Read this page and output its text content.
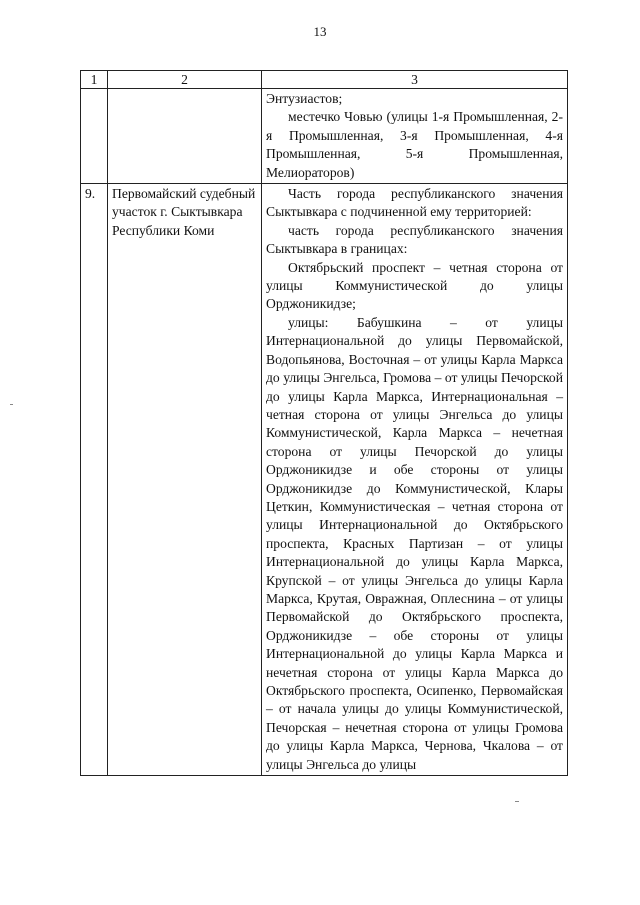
13
1	2	3

		Энтузиастов;

местечко Човью (улицы 1-я Промышленная, 2-я Промышленная, 3-я Промышленная, 4-я Промышленная, 5-я Промышленная, Мелиораторов)

9.	Первомайский судебный участок г. Сыктывкара Республики Коми	Часть города республиканского значения Сыктывкара с подчиненной ему территорией:

часть города республиканского значения Сыктывкара в границах:

Октябрьский проспект – четная сторона от улицы Коммунистической до улицы Орджоникидзе;

улицы: Бабушкина – от улицы Интернациональной до улицы Первомайской, Водопьянова, Восточная – от улицы Карла Маркса до улицы Энгельса, Громова – от улицы Печорской до улицы Карла Маркса, Интернациональная – четная сторона от улицы Энгельса до улицы Коммунистической, Карла Маркса – нечетная сторона от улицы Печорской до улицы Орджоникидзе и обе стороны от улицы Орджоникидзе до Коммунистической, Клары Цеткин, Коммунистическая – четная сторона от улицы Интернациональной до Октябрьского проспекта, Красных Партизан – от улицы Интернациональной до улицы Карла Маркса, Крупской – от улицы Энгельса до улицы Карла Маркса, Крутая, Овражная, Оплеснина – от улицы Первомайской до Октябрьского проспекта, Орджоникидзе – обе стороны от улицы Интернациональной до улицы Карла Маркса и нечетная сторона от улицы Карла Маркса до Октябрьского проспекта, Осипенко, Первомайская – от начала улицы до улицы Коммунистической, Печорская – нечетная сторона от улицы Громова до улицы Карла Маркса, Чернова, Чкалова – от улицы Энгельса до улицы
